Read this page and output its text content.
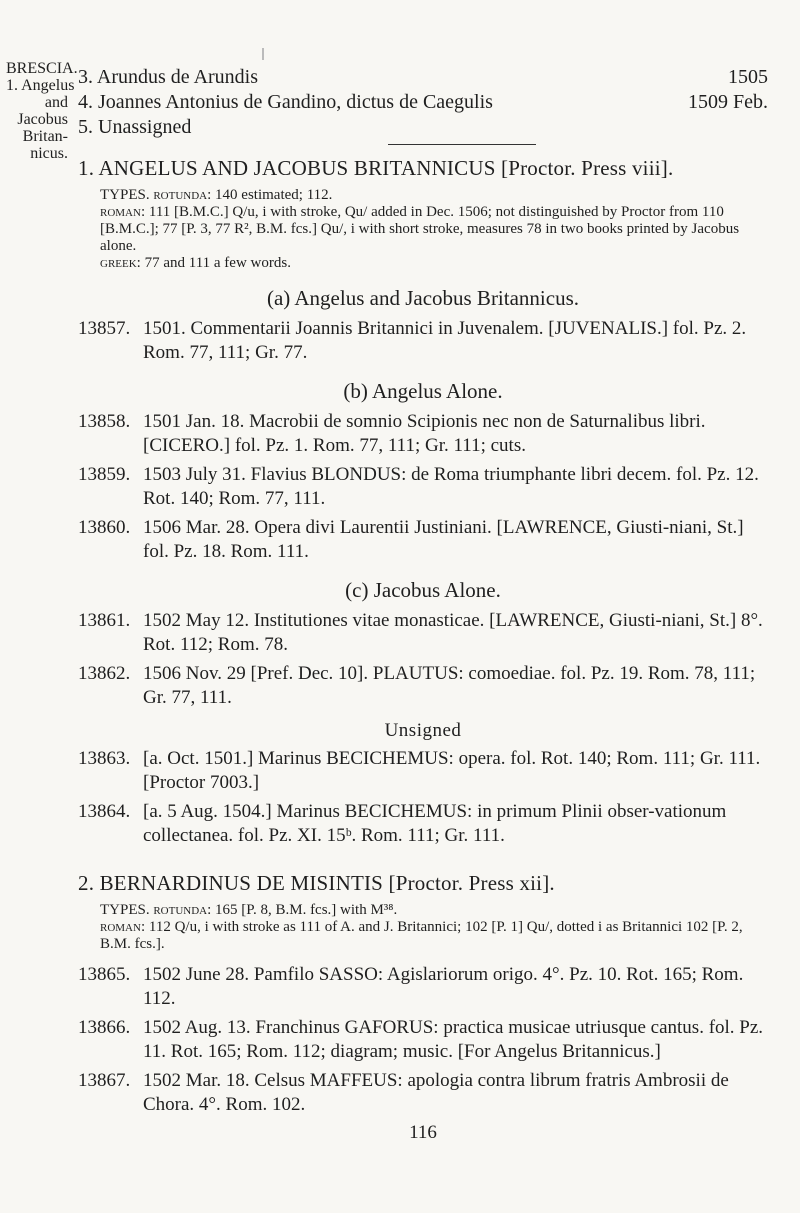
BRESCIA.
1. Angelus
and
Jacobus
Britan-
nicus.
3. Arundus de Arundis	1505
4. Joannes Antonius de Gandino, dictus de Caegulis	1509 Feb.
5. Unassigned
1. ANGELUS AND JACOBUS BRITANNICUS [Proctor. Press viii].

TYPES. rotunda: 140 estimated; 112.

roman: 111 [B.M.C.] Q/u, i with stroke, Qu/ added in Dec. 1506; not distinguished by Proctor from 110 [B.M.C.]; 77 [P. 3, 77 R², B.M. fcs.] Qu/, i with short stroke, measures 78 in two books printed by Jacobus alone.

greek: 77 and 111 a few words.

(a) Angelus and Jacobus Britannicus.
13857. 1501. Commentarii Joannis Britannici in Juvenalem. [JUVENALIS.] fol. Pz. 2. Rom. 77, 111; Gr. 77.
(b) Angelus Alone.
13858. 1501 Jan. 18. Macrobii de somnio Scipionis nec non de Saturnalibus libri. [CICERO.] fol. Pz. 1. Rom. 77, 111; Gr. 111; cuts.
13859. 1503 July 31. Flavius BLONDUS: de Roma triumphante libri decem. fol. Pz. 12. Rot. 140; Rom. 77, 111.
13860. 1506 Mar. 28. Opera divi Laurentii Justiniani. [LAWRENCE, Giusti-niani, St.] fol. Pz. 18. Rom. 111.
(c) Jacobus Alone.
13861. 1502 May 12. Institutiones vitae monasticae. [LAWRENCE, Giusti-niani, St.] 8°. Rot. 112; Rom. 78.
13862. 1506 Nov. 29 [Pref. Dec. 10]. PLAUTUS: comoediae. fol. Pz. 19. Rom. 78, 111; Gr. 77, 111.
Unsigned
13863. [a. Oct. 1501.] Marinus BECICHEMUS: opera. fol. Rot. 140; Rom. 111; Gr. 111. [Proctor 7003.]
13864. [a. 5 Aug. 1504.] Marinus BECICHEMUS: in primum Plinii obser-vationum collectanea. fol. Pz. XI. 15ᵇ. Rom. 111; Gr. 111.
2. BERNARDINUS DE MISINTIS [Proctor. Press xii].

TYPES. rotunda: 165 [P. 8, B.M. fcs.] with M³⁸.

roman: 112 Q/u, i with stroke as 111 of A. and J. Britannici; 102 [P. 1] Qu/, dotted i as Britannici 102 [P. 2, B.M. fcs.].

13865. 1502 June 28. Pamfilo SASSO: Agislariorum origo. 4°. Pz. 10. Rot. 165; Rom. 112.
13866. 1502 Aug. 13. Franchinus GAFORUS: practica musicae utriusque cantus. fol. Pz. 11. Rot. 165; Rom. 112; diagram; music. [For Angelus Britannicus.]
13867. 1502 Mar. 18. Celsus MAFFEUS: apologia contra librum fratris Ambrosii de Chora. 4°. Rom. 102.
116
